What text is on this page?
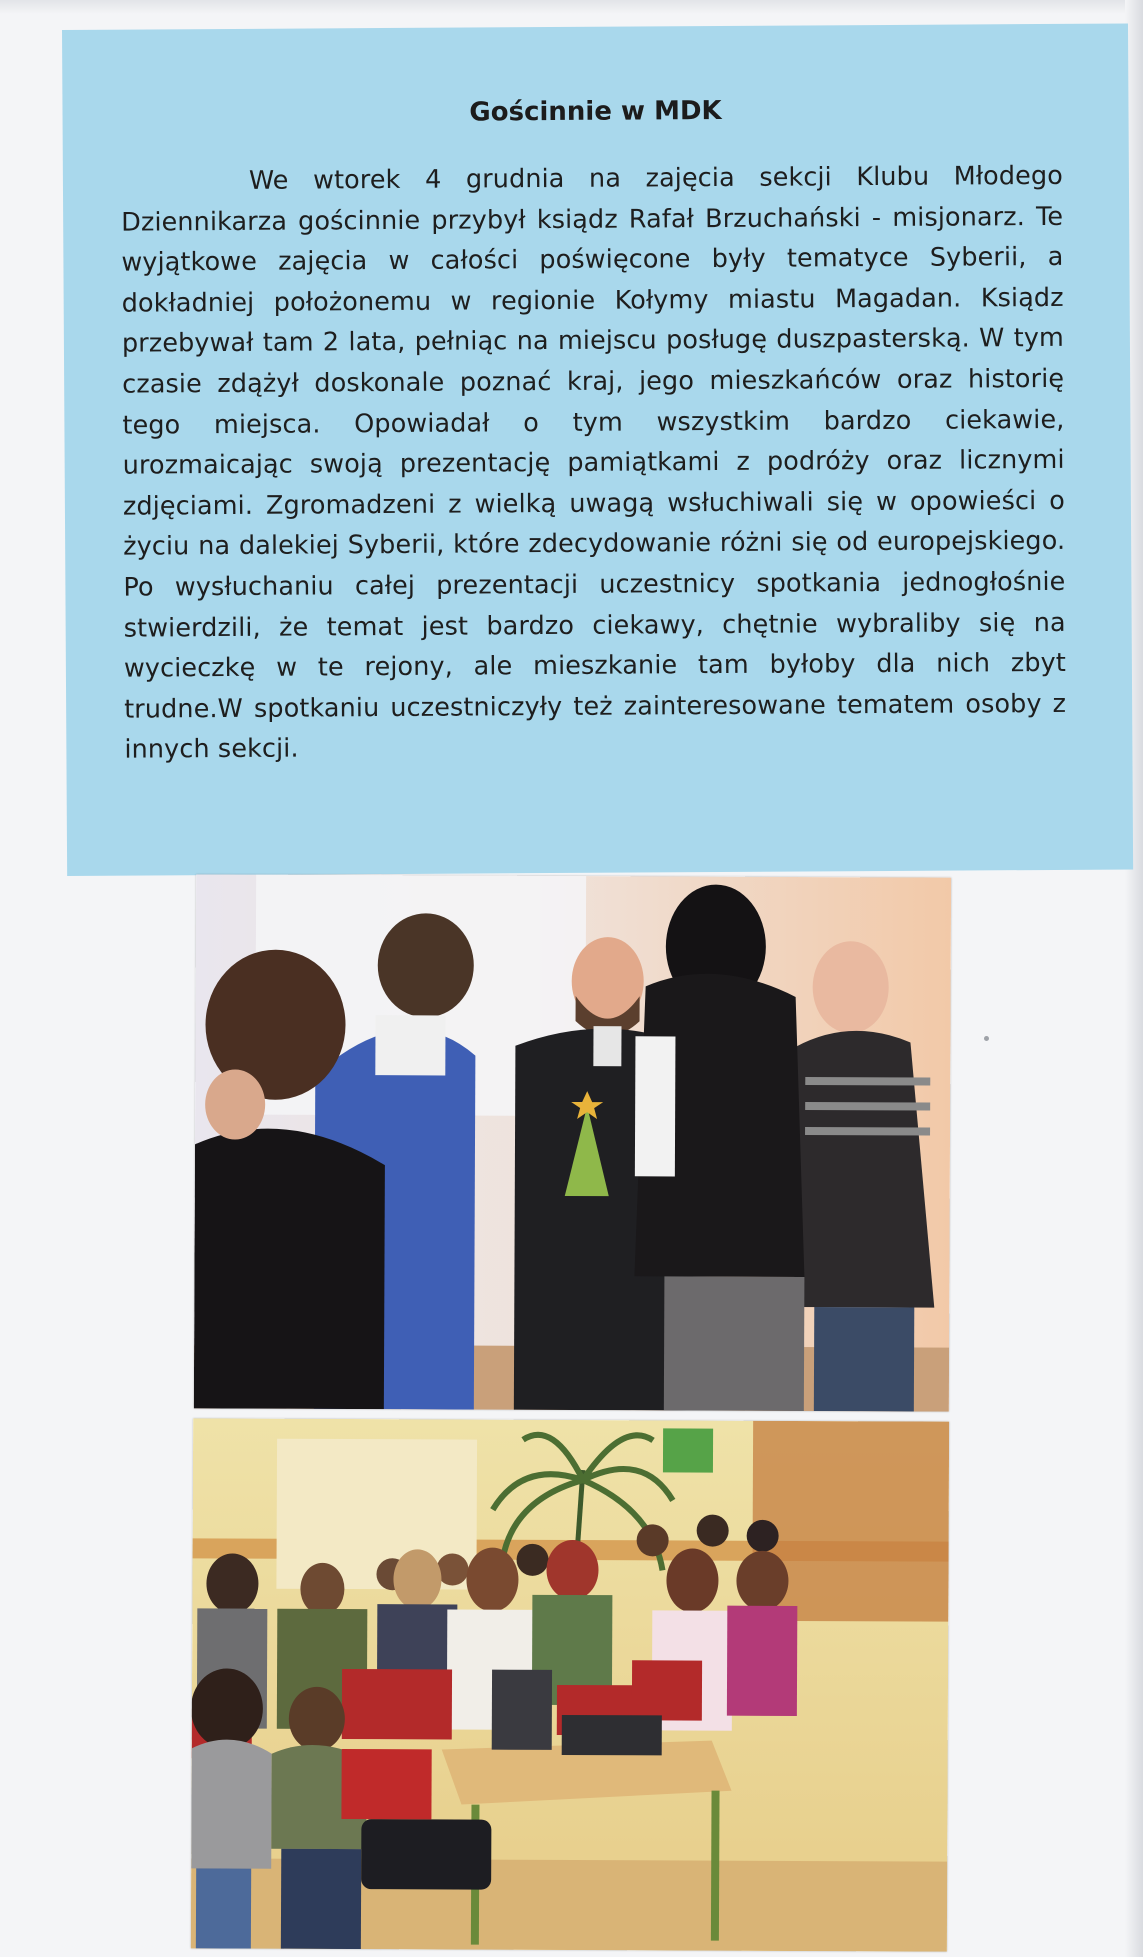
Gościnnie w MDK

We wtorek 4 grudnia na zajęcia sekcji Klubu Młodego Dziennikarza gościnnie przybył ksiądz Rafał Brzuchański - misjonarz. Te wyjątkowe zajęcia w całości poświęcone były tematyce Syberii, a dokładniej położonemu w regionie Kołymy miastu Magadan. Ksiądz przebywał tam 2 lata, pełniąc na miejscu posługę duszpasterską. W tym czasie zdążył doskonale poznać kraj, jego mieszkańców oraz historię tego miejsca. Opowiadał o tym wszystkim bardzo ciekawie, urozmaicając swoją prezentację pamiątkami z podróży oraz licznymi zdjęciami. Zgromadzeni z wielką uwagą wsłuchiwali się w opowieści o życiu na dalekiej Syberii, które zdecydowanie różni się od europejskiego. Po wysłuchaniu całej prezentacji uczestnicy spotkania jednogłośnie stwierdzili, że temat jest bardzo ciekawy, chętnie wybraliby się na wycieczkę w te rejony, ale mieszkanie tam byłoby dla nich zbyt trudne.W spotkaniu uczestniczyły też zainteresowane tematem osoby z innych sekcji.
